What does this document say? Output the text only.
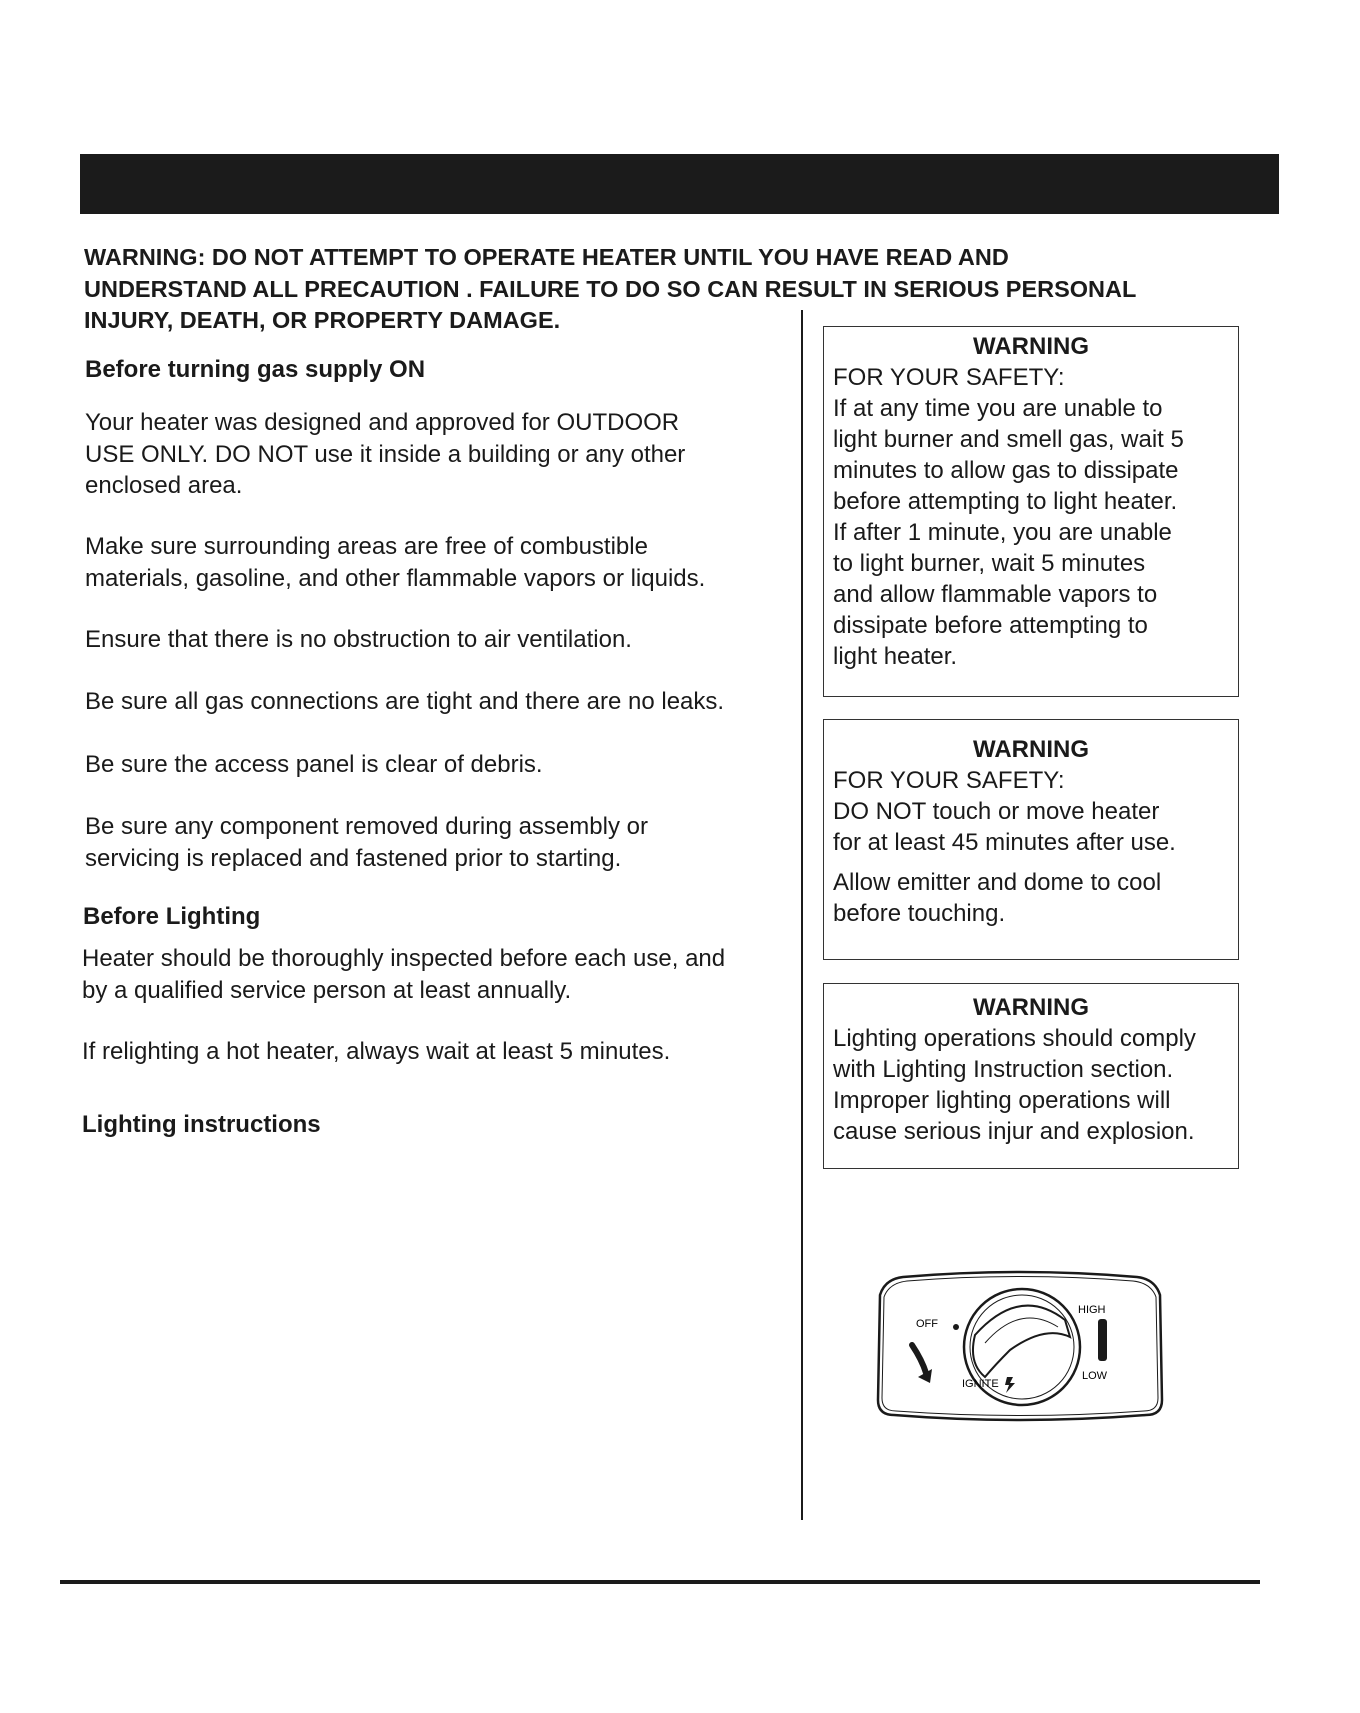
WARNING: DO NOT ATTEMPT TO OPERATE HEATER UNTIL YOU HAVE READ AND
UNDERSTAND ALL PRECAUTION . FAILURE TO DO SO CAN RESULT IN SERIOUS PERSONAL
INJURY, DEATH, OR PROPERTY DAMAGE.
Before turning gas supply ON
Your heater was designed and approved for OUTDOOR
USE ONLY. DO NOT use it inside a building or any other
enclosed area.
Make sure surrounding areas are free of combustible
materials, gasoline, and other flammable vapors or liquids.
Ensure that there is no obstruction to air ventilation.
Be sure all gas connections are tight and there are no leaks.
Be sure the access panel is clear of debris.
Be sure any component removed during assembly or
servicing is replaced and fastened prior to starting.
Before Lighting
Heater should be thoroughly inspected before each use, and
by a qualified service person at least annually.
If relighting a hot heater, always wait at least 5 minutes.
Lighting instructions
WARNING
FOR YOUR SAFETY:
If at any time you are unable to
light burner and smell gas, wait 5
minutes to allow gas to dissipate
before attempting to light heater.
If after 1 minute, you are unable
to light burner, wait 5 minutes
and allow flammable vapors to
dissipate before attempting to
light heater.
WARNING
FOR YOUR SAFETY:
DO NOT touch or move heater
for at least 45 minutes after use.
Allow emitter and dome to cool
before touching.
WARNING
Lighting operations should comply
with Lighting Instruction section.
Improper lighting operations will
cause serious injur and explosion.
OFF
IGNITE
HIGH
LOW
